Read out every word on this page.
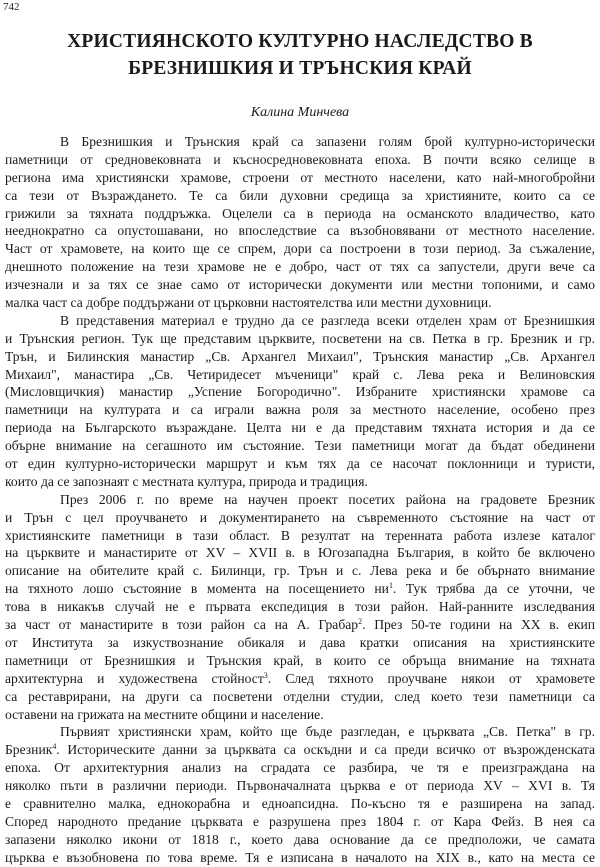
742
ХРИСТИЯНСКОТО КУЛТУРНО НАСЛЕДСТВО В
БРЕЗНИШКИЯ И ТРЪНСКИЯ КРАЙ
Калина Минчева
В Брезнишкия и Трънския край са запазени голям брой културно-исторически
паметници от средновековната и къснoсредновековната епоха. В почти всяко селище в
региона има християнски храмове, строени от местното населени, като най-многобройни
са тези от Възраждането. Те са били духовни средища за християните, които са се
грижили за тяхната поддръжка. Оцелели са в периода на османското владичество, като
нееднократно са опустошавани, но впоследствие са възобновявани от местното население.
Част от храмовете, на които ще се спрем, дори са построени в този период. За съжаление,
днешното положение на тези храмове не е добро, част от тях са запустели, други вече са
изчезнали и за тях се знае само от исторически документи или местни топоними, и само
малка част са добре поддържани от църковни настоятелства или местни духовници.
В представения материал е трудно да се разгледа всеки отделен храм от Брезнишкия
и Трънския регион. Тук ще представим църквите, посветени на св. Петка в гр. Брезник и гр.
Трън, и Билинския манастир „Св. Архангел Михаил", Трънския манастир „Св. Архангел
Михаил", манастира „Св. Четиридесет мъченици" край с. Лева река и Велиновския
(Мисловщичкия) манастир „Успение Богородично". Избраните християнски храмове са
паметници на културата и са играли важна роля за местното население, особено през
периода на Българското възраждане. Целта ни е да представим тяхната история и да се
обърне внимание на сегашното им състояние. Тези паметници могат да бъдат обединени
от един културно-исторически маршрут и към тях да се насочат поклонници и туристи,
които да се запознаят с местната култура, природа и традиция.
През 2006 г. по време на научен проект посетих района на градовете Брезник
и Трън с цел проучването и документирането на съвременното състояние на част от
християнските паметници в тази област. В резултат на теренната работа излезе каталог
на църквите и манастирите от XV – XVII в. в Югозападна България, в който бе включено
описание на обителите край с. Билинци, гр. Трън и с. Лева река и бе обърнато внимание
на тяхното лошо състояние в момента на посещението $ни^1$. Тук трябва да се уточни, че
това в никакъв случай не е първата експедиция в този район. Най-ранните изследвания
за част от манастирите в този район са на А. Грабар$^2$. През 50-те години на XX в. екип
от Института за изкуствознание обикаля и дава кратки описания на християнските
паметници от Брезнишкия и Трънския край, в които се обръща внимание на тяхната
архитектурна и художествена стойност$^3$. След тяхното проучване някои от храмовете
са реставрирани, на други са посветени отделни студии, след което тези паметници са
оставени на грижата на местните общини и население.
Първият християнски храм, който ще бъде разгледан, е църквата „Св. Петка" в гр.
Брезник$^4$. Историческите данни за църквата са оскъдни и са преди всичко от възрожденската
епоха. От архитектурния анализ на сградата се разбира, че тя е преизграждана на
няколко пъти в различни периоди. Първоначалната църква е от периода XV – XVI в. Тя
е сравнително малка, еднокорабна и едноапсидна. По-късно тя е разширена на запад.
Според народното предание църквата е разрушена през 1804 г. от Кара Фейз. В нея са
запазени няколко икони от 1818 г., което дава основание да се предположи, че самата
църква е възобновена по това време. Тя е изписана в началото на XIX в., като на места се
